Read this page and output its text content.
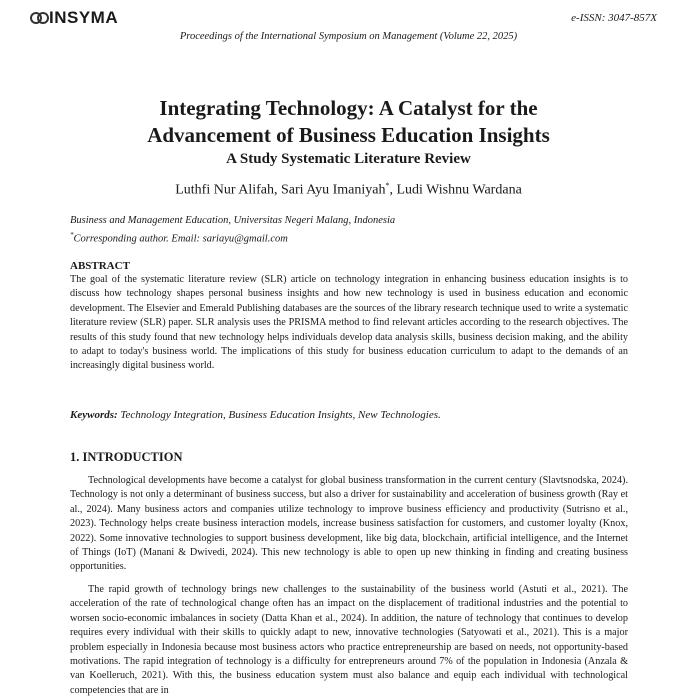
INSYMA	e-ISSN: 3047-857X
Proceedings of the International Symposium on Management (Volume 22, 2025)
Integrating Technology: A Catalyst for the
Advancement of Business Education Insights
A Study Systematic Literature Review
Luthfi Nur Alifah, Sari Ayu Imaniyah*, Ludi Wishnu Wardana
Business and Management Education, Universitas Negeri Malang, Indonesia
*Corresponding author. Email: sariayu@gmail.com
ABSTRACT
The goal of the systematic literature review (SLR) article on technology integration in enhancing business education insights is to discuss how technology shapes personal business insights and how new technology is used in business education and economic development. The Elsevier and Emerald Publishing databases are the sources of the library research technique used to write a systematic literature review (SLR) paper. SLR analysis uses the PRISMA method to find relevant articles according to the research objectives. The results of this study found that new technology helps individuals develop data analysis skills, business decision making, and the ability to adapt to today's business world. The implications of this study for business education curriculum to adapt to the demands of an increasingly digital business world.
Keywords: Technology Integration, Business Education Insights, New Technologies.
1. INTRODUCTION
Technological developments have become a catalyst for global business transformation in the current century (Slavtsnodska, 2024). Technology is not only a determinant of business success, but also a driver for sustainability and acceleration of business growth (Ray et al., 2024). Many business actors and companies utilize technology to improve business efficiency and productivity (Sutrisno et al., 2023). Technology helps create business interaction models, increase business satisfaction for customers, and customer loyalty (Knox, 2022). Some innovative technologies to support business development, like big data, blockchain, artificial intelligence, and the Internet of Things (IoT) (Manani & Dwivedi, 2024). This new technology is able to open up new thinking in finding and creating business opportunities.
The rapid growth of technology brings new challenges to the sustainability of the business world (Astuti et al., 2021). The acceleration of the rate of technological change often has an impact on the displacement of traditional industries and the potential to worsen socio-economic imbalances in society (Datta Khan et al., 2024). In addition, the nature of technology that continues to develop requires every individual with their skills to quickly adapt to new, innovative technologies (Satyowati et al., 2021). This is a major problem especially in Indonesia because most business actors who practice entrepreneurship are based on needs, not opportunity-based motivations. The rapid integration of technology is a difficulty for entrepreneurs around 7% of the population in Indonesia (Anzala & van Koelleruch, 2021). With this, the business education system must also balance and equip each individual with technological competencies that are in
